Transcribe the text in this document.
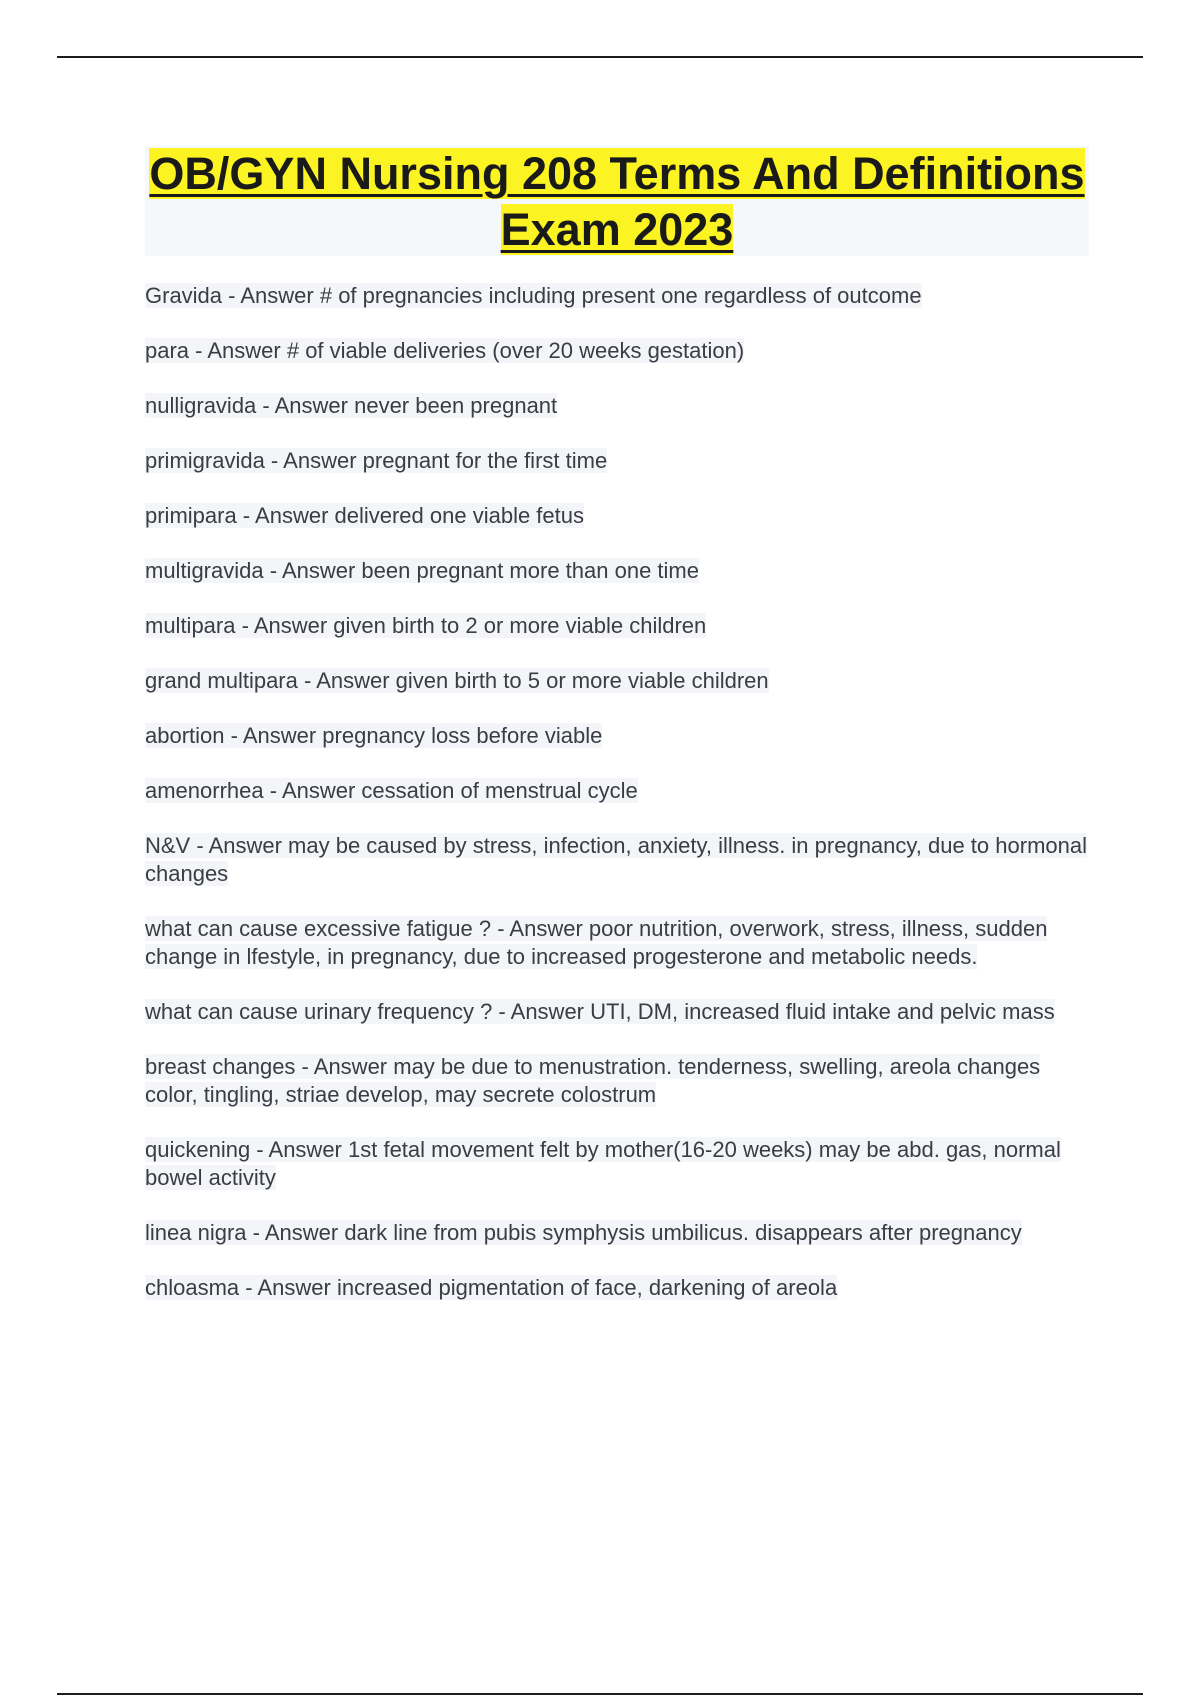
OB/GYN Nursing 208 Terms And Definitions Exam 2023
Gravida - Answer # of pregnancies including present one regardless of outcome
para - Answer # of viable deliveries (over 20 weeks gestation)
nulligravida - Answer never been pregnant
primigravida - Answer pregnant for the first time
primipara - Answer delivered one viable fetus
multigravida - Answer been pregnant more than one time
multipara - Answer given birth to 2 or more viable children
grand multipara - Answer given birth to 5 or more viable children
abortion - Answer pregnancy loss before viable
amenorrhea - Answer cessation of menstrual cycle
N&V - Answer may be caused by stress, infection, anxiety, illness. in pregnancy, due to hormonal changes
what can cause excessive fatigue ? - Answer poor nutrition, overwork, stress, illness, sudden change in lfestyle, in pregnancy, due to increased progesterone and metabolic needs.
what can cause urinary frequency ? - Answer UTI, DM, increased fluid intake and pelvic mass
breast changes - Answer may be due to menustration. tenderness, swelling, areola changes color, tingling, striae develop, may secrete colostrum
quickening - Answer 1st fetal movement felt by mother(16-20 weeks) may be abd. gas, normal bowel activity
linea nigra - Answer dark line from pubis symphysis umbilicus. disappears after pregnancy
chloasma - Answer increased pigmentation of face, darkening of areola
